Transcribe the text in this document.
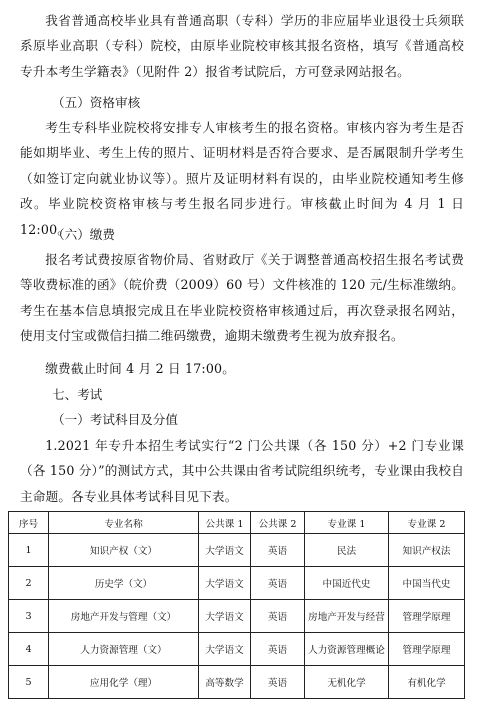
我省普通高校毕业具有普通高职（专科）学历的非应届毕业退役士兵须联系原毕业高职（专科）院校，由原毕业院校审核其报名资格，填写《普通高校专升本考生学籍表》（见附件 2）报省考试院后，方可登录网站报名。

（五）资格审核

考生专科毕业院校将安排专人审核考生的报名资格。审核内容为考生是否能如期毕业、考生上传的照片、证明材料是否符合要求、是否属限制升学考生（如签订定向就业协议等）。照片及证明材料有误的，由毕业院校通知考生修改。毕业院校资格审核与考生报名同步进行。审核截止时间为 4 月 1 日 12:00。

（六）缴费

报名考试费按原省物价局、省财政厅《关于调整普通高校招生报名考试费等收费标准的函》（皖价费（2009）60 号）文件核准的 120 元/生标准缴纳。考生在基本信息填报完成且在毕业院校资格审核通过后，再次登录报名网站，使用支付宝或微信扫描二维码缴费，逾期未缴费考生视为放弃报名。

缴费截止时间 4 月 2 日 17:00。

七、考试

（一）考试科目及分值

1.2021 年专升本招生考试实行“2 门公共课（各 150 分）+2 门专业课（各 150 分）”的测试方式，其中公共课由省考试院组织统考，专业课由我校自主命题。各专业具体考试科目见下表。

序号	专业名称	公共课 1	公共课 2	专业课 1	专业课 2
1	知识产权（文）	大学语文	英语	民法	知识产权法
2	历史学（文）	大学语文	英语	中国近代史	中国当代史
3	房地产开发与管理（文）	大学语文	英语	房地产开发与经营	管理学原理
4	人力资源管理（文）	大学语文	英语	人力资源管理概论	管理学原理
5	应用化学（理）	高等数学	英语	无机化学	有机化学
